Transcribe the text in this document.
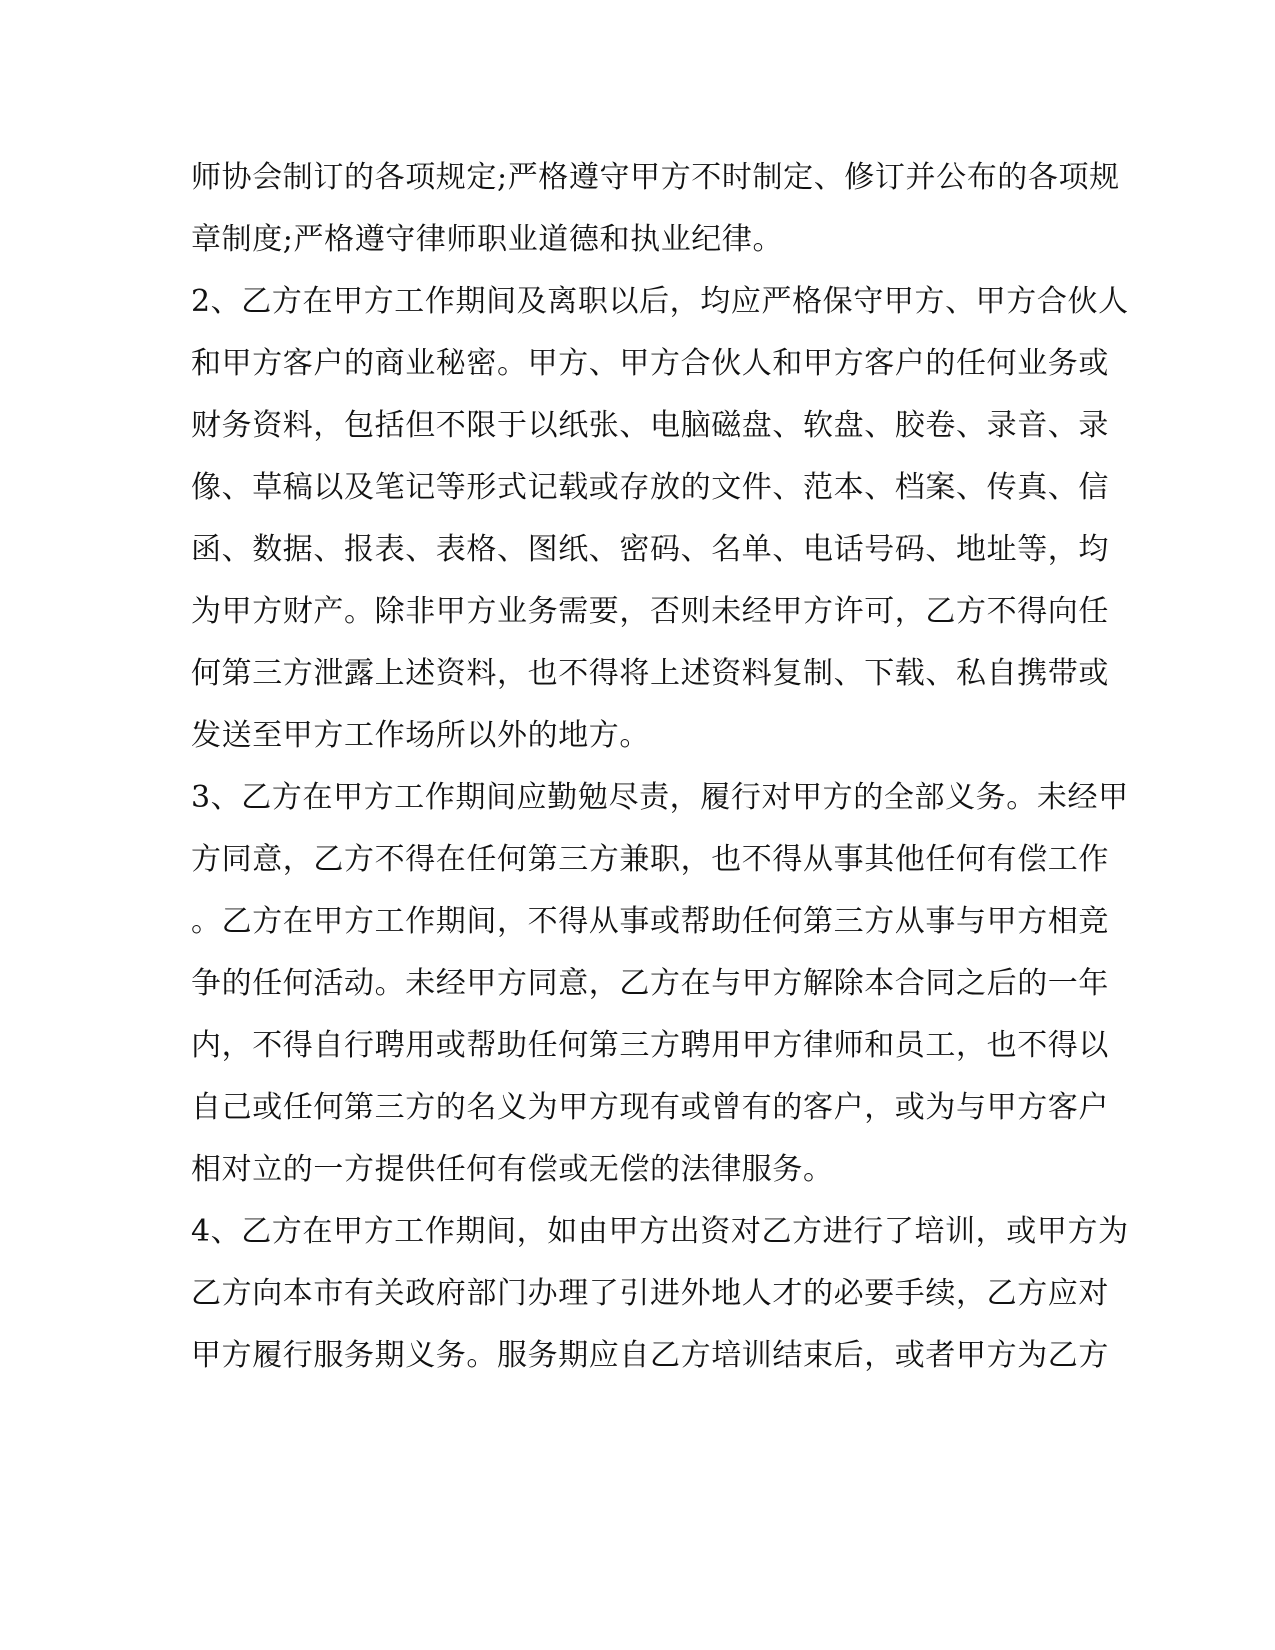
师协会制订的各项规定;严格遵守甲方不时制定、修订并公布的各项规
章制度;严格遵守律师职业道德和执业纪律。
2、乙方在甲方工作期间及离职以后，均应严格保守甲方、甲方合伙人
和甲方客户的商业秘密。甲方、甲方合伙人和甲方客户的任何业务或
财务资料，包括但不限于以纸张、电脑磁盘、软盘、胶卷、录音、录
像、草稿以及笔记等形式记载或存放的文件、范本、档案、传真、信
函、数据、报表、表格、图纸、密码、名单、电话号码、地址等，均
为甲方财产。除非甲方业务需要，否则未经甲方许可，乙方不得向任
何第三方泄露上述资料，也不得将上述资料复制、下载、私自携带或
发送至甲方工作场所以外的地方。
3、乙方在甲方工作期间应勤勉尽责，履行对甲方的全部义务。未经甲
方同意，乙方不得在任何第三方兼职，也不得从事其他任何有偿工作
。乙方在甲方工作期间，不得从事或帮助任何第三方从事与甲方相竞
争的任何活动。未经甲方同意，乙方在与甲方解除本合同之后的一年
内，不得自行聘用或帮助任何第三方聘用甲方律师和员工，也不得以
自己或任何第三方的名义为甲方现有或曾有的客户，或为与甲方客户
相对立的一方提供任何有偿或无偿的法律服务。
4、乙方在甲方工作期间，如由甲方出资对乙方进行了培训，或甲方为
乙方向本市有关政府部门办理了引进外地人才的必要手续，乙方应对
甲方履行服务期义务。服务期应自乙方培训结束后，或者甲方为乙方
